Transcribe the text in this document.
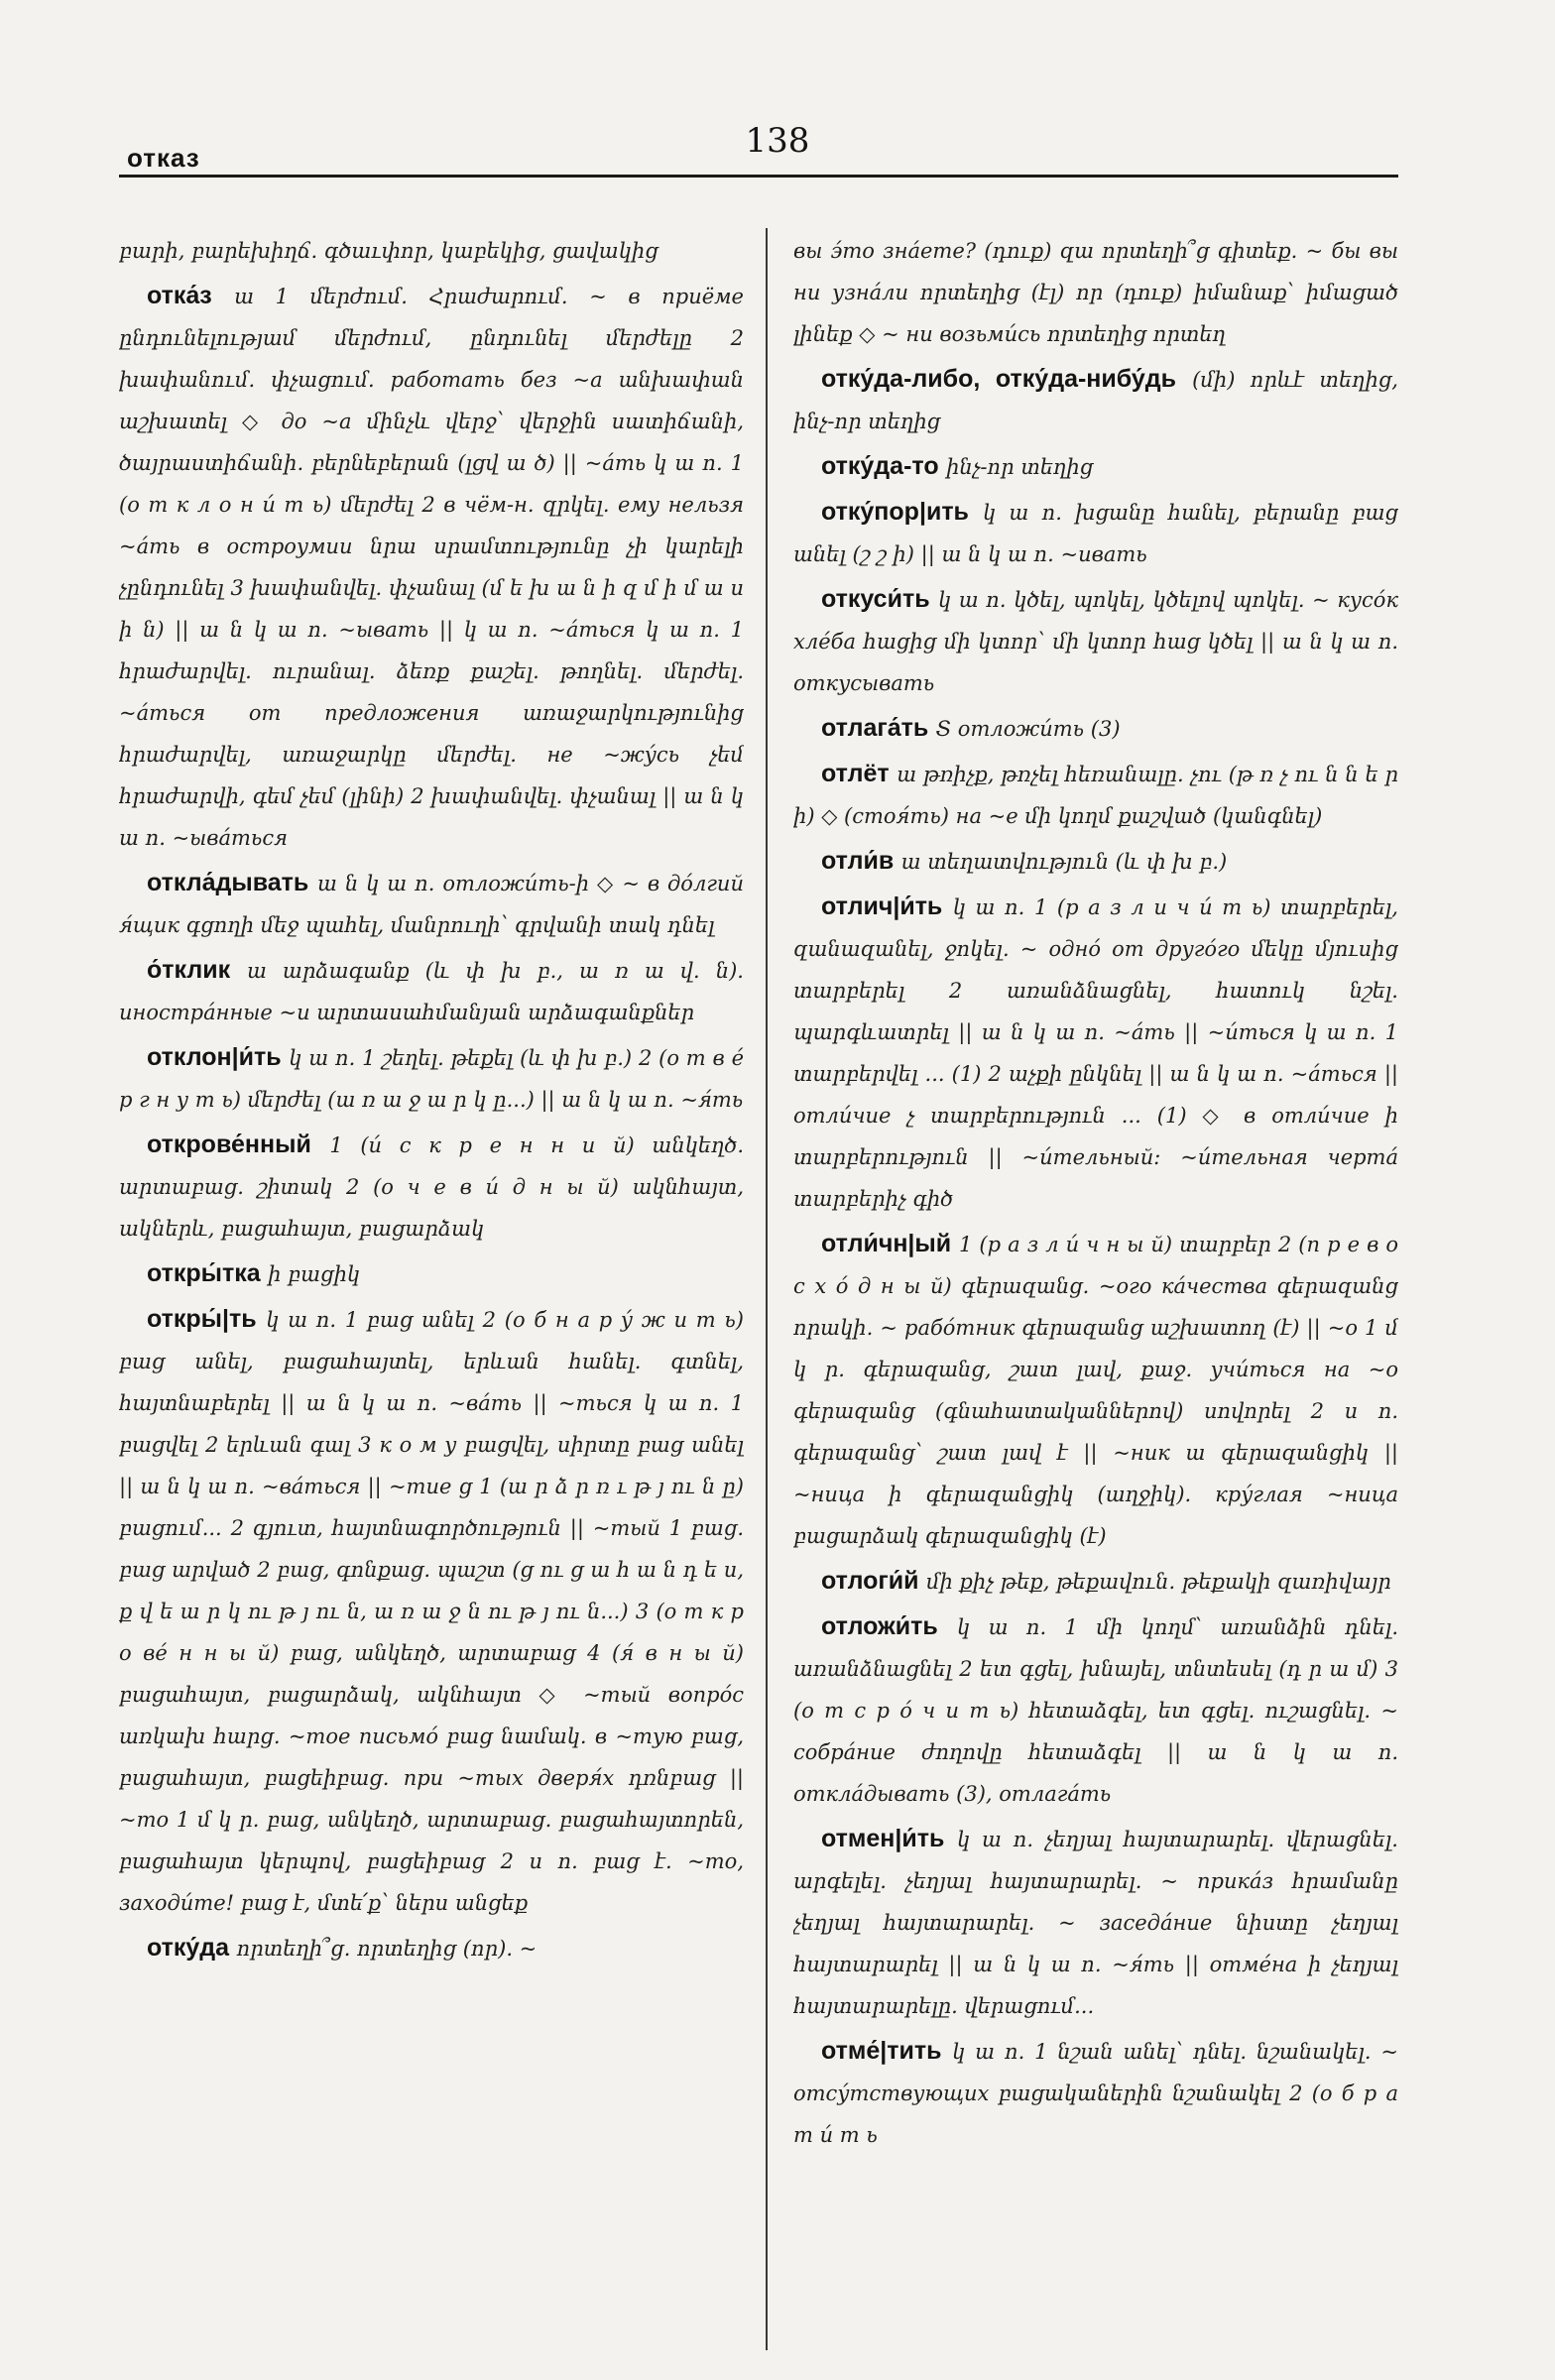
отказ	138

բարի, բարեխիղճ. գծաւփոր, կաբեկից, ցավակից

отка́з ա 1 մերժում. Հրաժարում. ~ в приёме ընդունելությամ մերժում, ընդունել մերժելը 2 խափանում. փչացում. работать без ~а անխափան աշխատել ◇ до ~а մինչև վերջ՝ վերջին սատիճանի, ծայրաստիճանի. բերնեբերան (լցվ ա ծ) || ~а́ть կ ա ո. 1 (о т к л о н и́ т ь) մերժել 2 в чём-н. զրկել. ему нельзя ~а́ть в остроумии նրա սրամտությունը չի կարելի չընդունել 3 խափանվել. փչանալ (մ ե խ ա ն ի զ մ ի մ ա ս ի ն) || ա ն կ ա ո. ~ывать || կ ա ո. ~а́ться կ ա ո. 1 հրաժարվել. ուրանալ. ձեռք քաշել. թողնել. մերժել. ~а́ться от предложения առաջարկությունից հրաժարվել, առաջարկը մերժել. не ~жу́сь չեմ հրաժարվի, գեմ չեմ (լինի) 2 խափանվել. փչանալ || ա ն կ ա ո. ~ыва́ться

откла́дывать ա ն կ ա ո. отложи́ть-ի ◇ ~ в до́лгий я́щик գցողի մեջ պահել, մանրուղի՝ գրվանի տակ դնել

о́тклик ա արձագանք (և փ խ բ., ա ռ ա վ. ն). иностра́нные ~и արտասահմանյան արձագանքներ

отклон|и́ть կ ա ո. 1 շեղել. թեքել (և փ խ բ.) 2 (о т в е́ р г н у т ь) մերժել (ա ռ ա ջ ա ր կ ը...) || ա ն կ ա ո. ~я́ть

открове́нный 1 (и́ с к р е н н и й) անկեղծ. արտաբաց. շիտակ 2 (о ч е в и́ д н ы й) ակնհայտ, ակներև, բացահայտ, բացարձակ

откры́тка ի բացիկ

откры́|ть կ ա ո. 1 բաց անել 2 (о б н а р у́ ж и т ь) բաց անել, բացահայտել, երևան հանել. գտնել, հայտնաբերել || ա ն կ ա ո. ~ва́ть || ~ться կ ա ո. 1 բացվել 2 երևան գալ 3 к о м у բացվել, սիրտը բաց անել || ա ն կ ա ո. ~ва́ться || ~тие ց 1 (ա ր ձ ր ռ ւ թ յ ու ն ը) բացում... 2 գյուտ, հայտնագործություն || ~тый 1 բաց. բաց արված 2 բաց, գոնքաց. պաշտ (ց ու ց ա հ ա ն դ ե ս, ք վ ե ա ր կ ու թ յ ու ն, ա ռ ա ջ ն ու թ յ ու ն...) 3 (о т к р о ве́ н н ы й) բաց, անկեղծ, արտաբաց 4 (я́ в н ы й) բացահայտ, բացարձակ, ակնհայտ ◇ ~тый вопро́с առկախ հարց. ~тое письмо́ բաց նամակ. в ~тую բաց, բացահայտ, բացեիբաց. при ~тых дверя́х դռնբաց || ~то 1 մ կ ր. բաց, անկեղծ, արտաբաց. բացահայտորեն, բացահայտ կերպով, բացեիբաց 2 ս ո. բաց է. ~то, заходи́те! բաց է, մտե՛ք՝ ներս անցեք

отку́да որտեղի՞ց. որտեղից (որ). ~

вы э́то зна́ете? (դուք) զա որտեղի՞ց գիտեք. ~ бы вы ни узна́ли որտեղից (էլ) որ (դուք) իմանաք՝ իմացած լինեք ◇ ~ ни возьми́сь որտեղից որտեղ

отку́да-либо, отку́да-нибу́дь (մի) որևէ տեղից, ինչ-որ տեղից

отку́да-то ինչ-որ տեղից

отку́пор|ить կ ա ո. խցանը հանել, բերանը բաց անել (շ շ ի) || ա ն կ ա ո. ~ивать

откуси́ть կ ա ո. կծել, պոկել, կծելով պոկել. ~ кусо́к хле́ба հացից մի կտոր՝ մի կտոր հաց կծել || ա ն կ ա ո. откусывать

отлага́ть Տ отложи́ть (3)

отлёт ա թռիչք, թռչել հեռանալը. չու (թ ռ չ ու ն ն ե ր ի) ◇ (стоя́ть) на ~е մի կողմ քաշված (կանգնել)

отли́в ա տեղատվություն (և փ խ բ.)

отлич|и́ть կ ա ո. 1 (р а з л и ч и́ т ь) տարբերել, զանազանել, ջոկել. ~ одно́ от друго́го մեկը մյուսից տարբերել 2 առանձնացնել, հատուկ նշել. պարգևատրել || ա ն կ ա ո. ~а́ть || ~и́ться կ ա ո. 1 տարբերվել ... (1) 2 աչքի ընկնել || ա ն կ ա ո. ~а́ться || отли́чие չ տարբերություն ... (1) ◇ в отли́чие ի տարբերություն || ~и́тельный: ~и́тельная черта́ տարբերիչ գիծ

отли́чн|ый 1 (р а з л и́ ч н ы й) տարբեր 2 (п р е в о с х о́ д н ы й) գերազանց. ~ого ка́чества գերազանց որակի. ~ рабо́тник գերազանց աշխատող (է) || ~о 1 մ կ ր. գերազանց, շատ լավ, քաջ. учи́ться на ~о գերազանց (գնահատականներով) սովորել 2 ս ո. գերազանց՝ շատ լավ է || ~ник ա գերազանցիկ || ~ница ի գերազանցիկ (աղջիկ). кру́глая ~ница բացարձակ գերազանցիկ (է)

отлоги́й մի քիչ թեք, թեքավուն. թեքակի զառիվայր

отложи́ть կ ա ո. 1 մի կողմ՝ առանձին դնել. առանձնացնել 2 ետ գցել, խնայել, տնտեսել (դ ր ա մ) 3 (о т с р о́ ч и т ь) հետաձգել, ետ գցել. ուշացնել. ~ собра́ние ժողովը հետաձգել || ա ն կ ա ո. откла́дывать (3), отлага́ть

отмен|и́ть կ ա ո. չեղյալ հայտարարել. վերացնել. արգելել. չեղյալ հայտարարել. ~ прика́з հրամանը չեղյալ հայտարարել. ~ заседа́ние նիստը չեղյալ հայտարարել || ա ն կ ա ո. ~я́ть || отме́на ի չեղյալ հայտարարելը. վերացում...

отме́|тить կ ա ո. 1 նշան անել՝ դնել. նշանակել. ~ отсу́тствующих բացականերին նշանակել 2 (о б р а т и́ т ь
